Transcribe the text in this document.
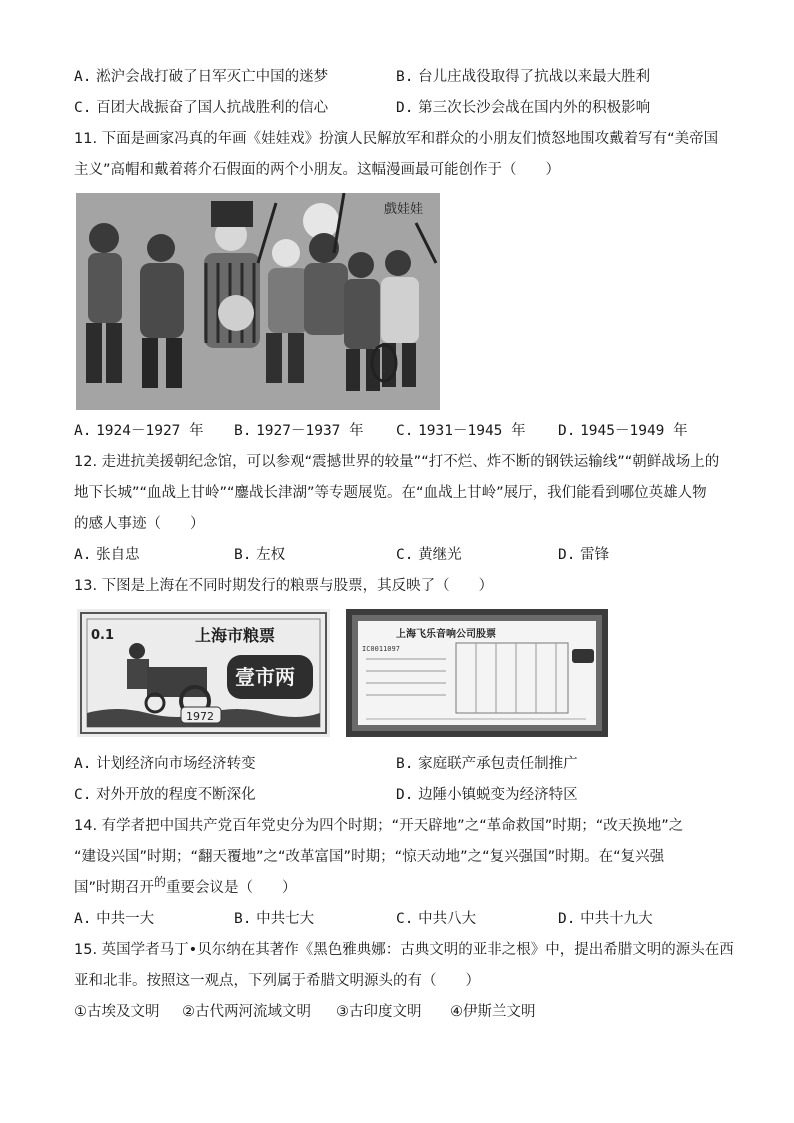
A. 淞沪会战打破了日军灭亡中国的迷梦	B. 台儿庄战役取得了抗战以来最大胜利
C. 百团大战振奋了国人抗战胜利的信心	D. 第三次长沙会战在国内外的积极影响
11. 下面是画家冯真的年画《娃娃戏》扮演人民解放军和群众的小朋友们愤怒地围攻戴着写有“美帝国
主义”高帽和戴着蒋介石假面的两个小朋友。这幅漫画最可能创作于（　　）
戲娃娃
A. 1924－1927 年 B. 1927－1937 年 C. 1931－1945 年 D. 1945－1949 年
12. 走进抗美援朝纪念馆，可以参观“震撼世界的较量”“打不烂、炸不断的钢铁运输线”“朝鲜战场上的
地下长城”“血战上甘岭”“鏖战长津湖”等专题展览。在“血战上甘岭”展厅，我们能看到哪位英雄人物
的感人事迹（　　）
A. 张自忠	B. 左权	C. 黄继光	D. 雷锋
13. 下图是上海在不同时期发行的粮票与股票，其反映了（　　）
0.1	上海市粮票
壹市两
1972
上海飞乐音响公司股票
IC0011097
A. 计划经济向市场经济转变	B. 家庭联产承包责任制推广
C. 对外开放的程度不断深化	D. 边陲小镇蜕变为经济特区
14. 有学者把中国共产党百年党史分为四个时期；“开天辟地”之“革命救国”时期；“改天换地”之
“建设兴国”时期；“翻天覆地”之“改革富国”时期；“惊天动地”之“复兴强国”时期。在“复兴强
国”时期召开$^的$重要会议是（　　）
A. 中共一大	B. 中共七大	C. 中共八大	D. 中共十九大
15. 英国学者马丁•贝尔纳在其著作《黑色雅典娜：古典文明的亚非之根》中，提出希腊文明的源头在西
亚和北非。按照这一观点，下列属于希腊文明源头的有（　　）
①古埃及文明 ②古代两河流域文明 ③古印度文明 ④伊斯兰文明
